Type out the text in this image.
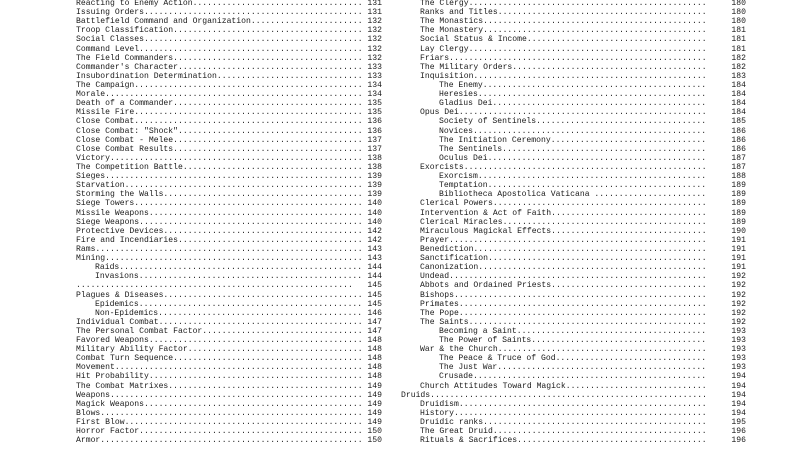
Reacting to Enemy Action................................... 131
Issuing Orders............................................. 131
Battlefield Command and Organization....................... 132
Troop Classification....................................... 132
Social Classes............................................. 132
Command Level.............................................. 132
The Field Commanders....................................... 132
Commander's Character...................................... 133
Insubordination Determination.............................. 133
The Campaign............................................... 134
Morale..................................................... 134
Death of a Commander....................................... 135
Missile Fire............................................... 135
Close Combat............................................... 136
Close Combat: "Shock"...................................... 136
Close Combat - Melee....................................... 137
Close Combat Results....................................... 137
Victory.................................................... 138
The Competition Battle..................................... 138
Sieges..................................................... 139
Starvation................................................. 139
Storming the Walls......................................... 139
Siege Towers............................................... 140
Missile Weapons............................................ 140
Siege Weapons.............................................. 140
Protective Devices......................................... 142
Fire and Incendiaries...................................... 142
Rams....................................................... 143
Mining..................................................... 143
Raids.................................................. 144
Invasions.............................................. 144
......................................................... 145
Plagues & Diseases......................................... 145
Epidemics.............................................. 145
Non-Epidemics.......................................... 146
Individual Combat.......................................... 147
The Personal Combat Factor................................. 147
Favored Weapons............................................ 148
Military Ability Factor.................................... 148
Combat Turn Sequence....................................... 148
Movement................................................... 148
Hit Probability............................................ 148
The Combat Matrixes........................................ 149
Weapons.................................................... 149
Magick Weapons............................................. 149
Blows...................................................... 149
First Blow................................................. 149
Horror Factor.............................................. 150
Armor...................................................... 150
The Clergy.................................................	180
Ranks and Titles...........................................	180
The Monastics..............................................	180
The Monastery..............................................	181
Social Status & Income.....................................	181
Lay Clergy.................................................	181
Friars.....................................................	182
The Military Orders........................................	182
Inquisition................................................	183
The Enemy..............................................	184
Heresies...............................................	184
Gladius Dei............................................	184
Opus Dei...................................................	184
Society of Sentinels...................................	185
Novices................................................	186
The Initiation Ceremony................................	186
The Sentinels..........................................	186
Oculus Dei.............................................	187
Exorcists..................................................	187
Exorcism...............................................	188
Temptation.............................................	189
Bibliotheca Apostolica Vaticana .......................	189
Clerical Powers............................................	189
Intervention & Act of Faith................................	189
Clerical Miracles..........................................	189
Miraculous Magickal Effects................................	190
Prayer.....................................................	191
Benediction................................................	191
Sanctification.............................................	191
Canonization...............................................	191
Undead.....................................................	192
Abbots and Ordained Priests................................	192
Bishops....................................................	192
Primates...................................................	192
The Pope...................................................	192
The Saints.................................................	192
Becoming a Saint.......................................	193
The Power of Saints....................................	193
War & the Church...........................................	193
The Peace & Truce of God...............................	193
The Just War...........................................	193
Crusade................................................	194
Church Attitudes Toward Magick.............................	194
Druids.........................................................	194
Druidism...................................................	194
History....................................................	194
Druidic ranks..............................................	195
The Great Druid............................................	196
Rituals & Sacrifices.......................................	196
